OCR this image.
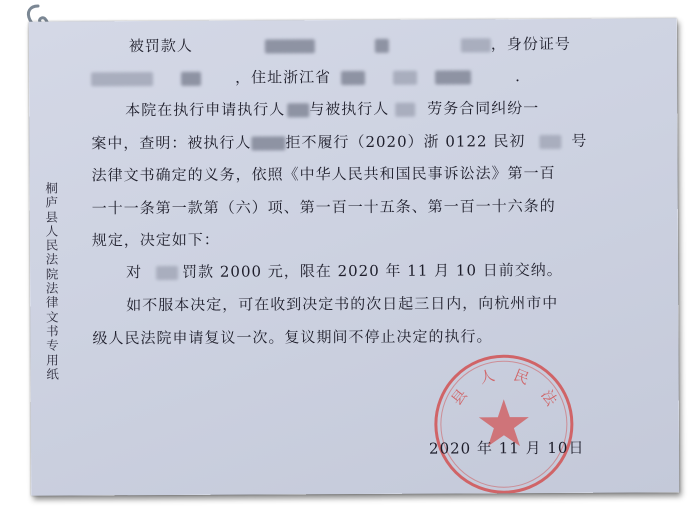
桐庐县人民法院法律文书专用纸
被罚款人	，身份证号
，住址浙江省	.
本院在执行申请执行人 与被执行人	劳务合同纠纷一
案中，查明：被执行人 拒不履行（2020）浙 0122 民初	号
法律文书确定的义务，依照《中华人民共和国民事诉讼法》第一百
一十一条第一款第（六）项、第一百一十五条、第一百一十六条的
规定，决定如下：
对	罚款 2000 元，限在 2020 年 11 月 10 日前交纳。
如不服本决定，可在收到决定书的次日起三日内，向杭州市中
级人民法院申请复议一次。复议期间不停止决定的执行。
县 人 民 法
2020 年 11 月 10日
